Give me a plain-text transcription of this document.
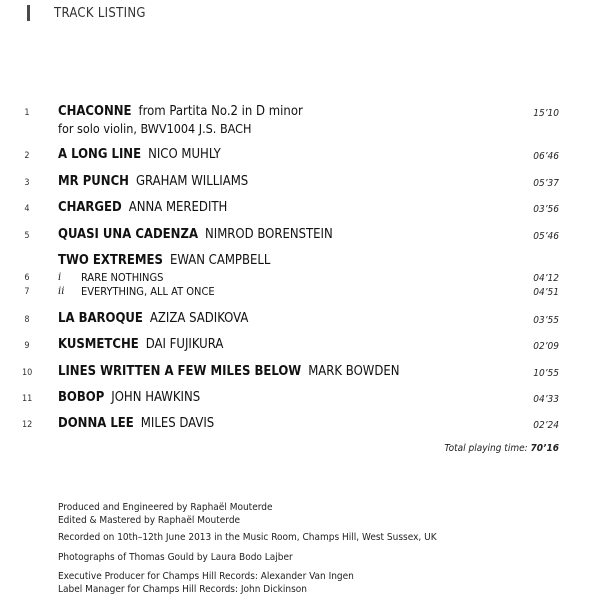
TRACK LISTING
1 CHACONNE from Partita No.2 in D minor
for solo violin, BWV1004 J.S. BACH
15’10
2 A LONG LINE NICO MUHLY	06’46
3 MR PUNCH GRAHAM WILLIAMS	05’37
4 CHARGED ANNA MEREDITH	03’56
5 QUASI UNA CADENZA NIMROD BORENSTEIN	05’46
TWO EXTREMES EWAN CAMPBELL
6	i RARE NOTHINGS	04’12
7	ii EVERYTHING, ALL AT ONCE	04’51
8 LA BAROQUE AZIZA SADIKOVA	03’55
9 KUSMETCHE DAI FUJIKURA	02’09
10 LINES WRITTEN A FEW MILES BELOW MARK BOWDEN	10’55
11 BOBOP JOHN HAWKINS	04’33
12 DONNA LEE MILES DAVIS	02’24
Total playing time: 70’16
Produced and Engineered by Raphaël Mouterde
Edited & Mastered by Raphaël Mouterde
Recorded on 10th–12th June 2013 in the Music Room, Champs Hill, West Sussex, UK
Photographs of Thomas Gould by Laura Bodo Lajber
Executive Producer for Champs Hill Records: Alexander Van Ingen
Label Manager for Champs Hill Records: John Dickinson
